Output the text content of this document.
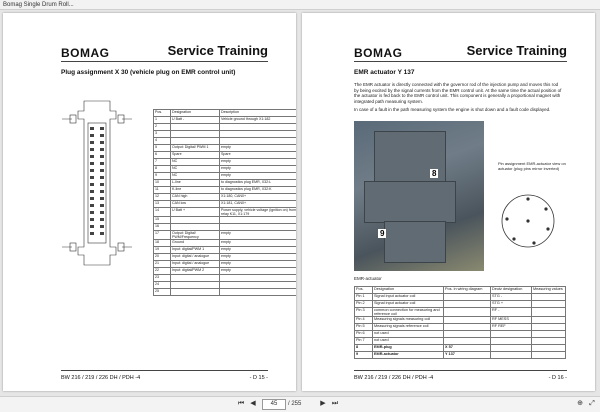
Bomag Single Drum Roll...
BOMAG	Service Training
Plug assignment X 30 (vehicle plug on EMR control unit)
Pos.	Designation	Description
1	U Batt -	Vehicle ground through X1:182
2		
3		
4		
5	Output: Digital/ PWM 1	empty
6	Spare	Spare
7	NC	empty
8	NC	empty
9	NC	empty
10	L-line	to diagnostics plug EMR, X32:L
11	K-line	to diagnostics plug EMR, X32:K
12	CAN high	X1:180, CAN0+
13	CAN low	X1:181, CAN0+
14	U Batt +	Power supply, vehicle voltage (ignition on) from relay K11, X1:179
15		
16		
17	Output: Digital/ PWM/Frequency	empty
18	Ground	empty
19	Input: digital/PWM 1	empty
20	Input: digital / analogue	empty
21	Input: digital / analogue	empty
22	Input: digital/PWM 2	empty
23		
24		
25		
BW 216 / 219 / 226 DH / PDH -4	- D 15 -
BOMAG	Service Training
EMR actuator Y 137

The EMR actuator is directly connected with the governor rod of the injection pump and moves this rod by being excited by the signal currents from the EMR control unit. At the same time the actual position of the actuator is fed back to the EMR control unit. This component is generally a proportional magnet with integrated path measuring system.

In case of a fault in the path measuring system the engine is shut down and a fault code displayed.

8
9
Pin assignment EMR-actuator view on actuator (plug pins mirror inverted)
EMR-actuator
Pos.	Designation	Pos. in wiring diagram	Deutz designation	Measuring values
Pin 1	Signal input actuator coil		STG -	
Pin 2	Signal input actuator coil		STG +	
Pin 3	common connection for measuring and reference coil		RF -	
Pin 4	Measuring signals measuring coil		RF MESS	
Pin 5	Measuring signals reference coil		RF REF	
Pin 6	not used			
Pin 7	not used			
8	EMR-plug	X 57		
9	EMR-actuator	Y 137		
BW 216 / 219 / 226 DH / PDH -4	- D 16 -
⏮ ◀	45	/ 255	▶ ⏭	⊕ ⤢
